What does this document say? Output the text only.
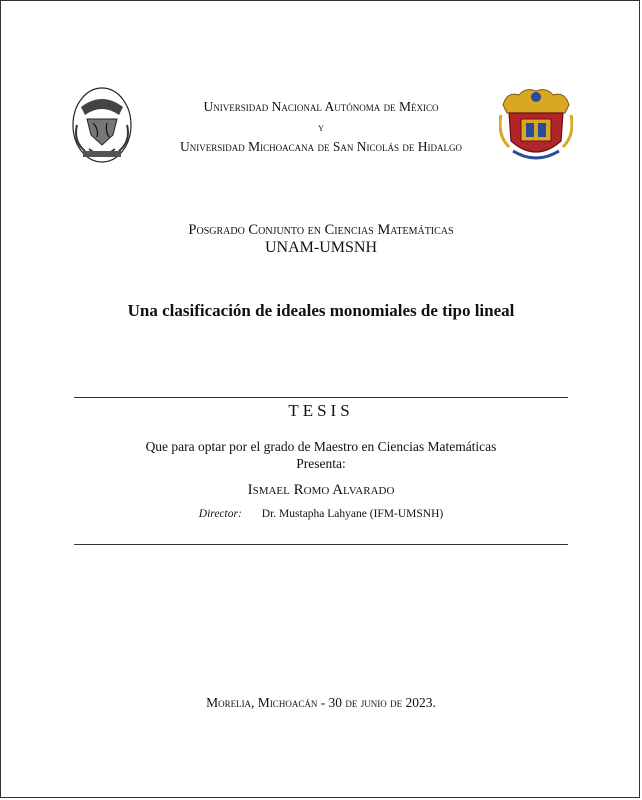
Universidad Nacional Autónoma de México
y
Universidad Michoacana de San Nicolás de Hidalgo
Posgrado Conjunto en Ciencias Matemáticas
UNAM-UMSNH
Una clasificación de ideales monomiales de tipo lineal
TESIS
Que para optar por el grado de Maestro en Ciencias Matemáticas
Presenta:
Ismael Romo Alvarado
Director: Dr. Mustapha Lahyane (IFM-UMSNH)
Morelia, Michoacán - 30 de junio de 2023.
